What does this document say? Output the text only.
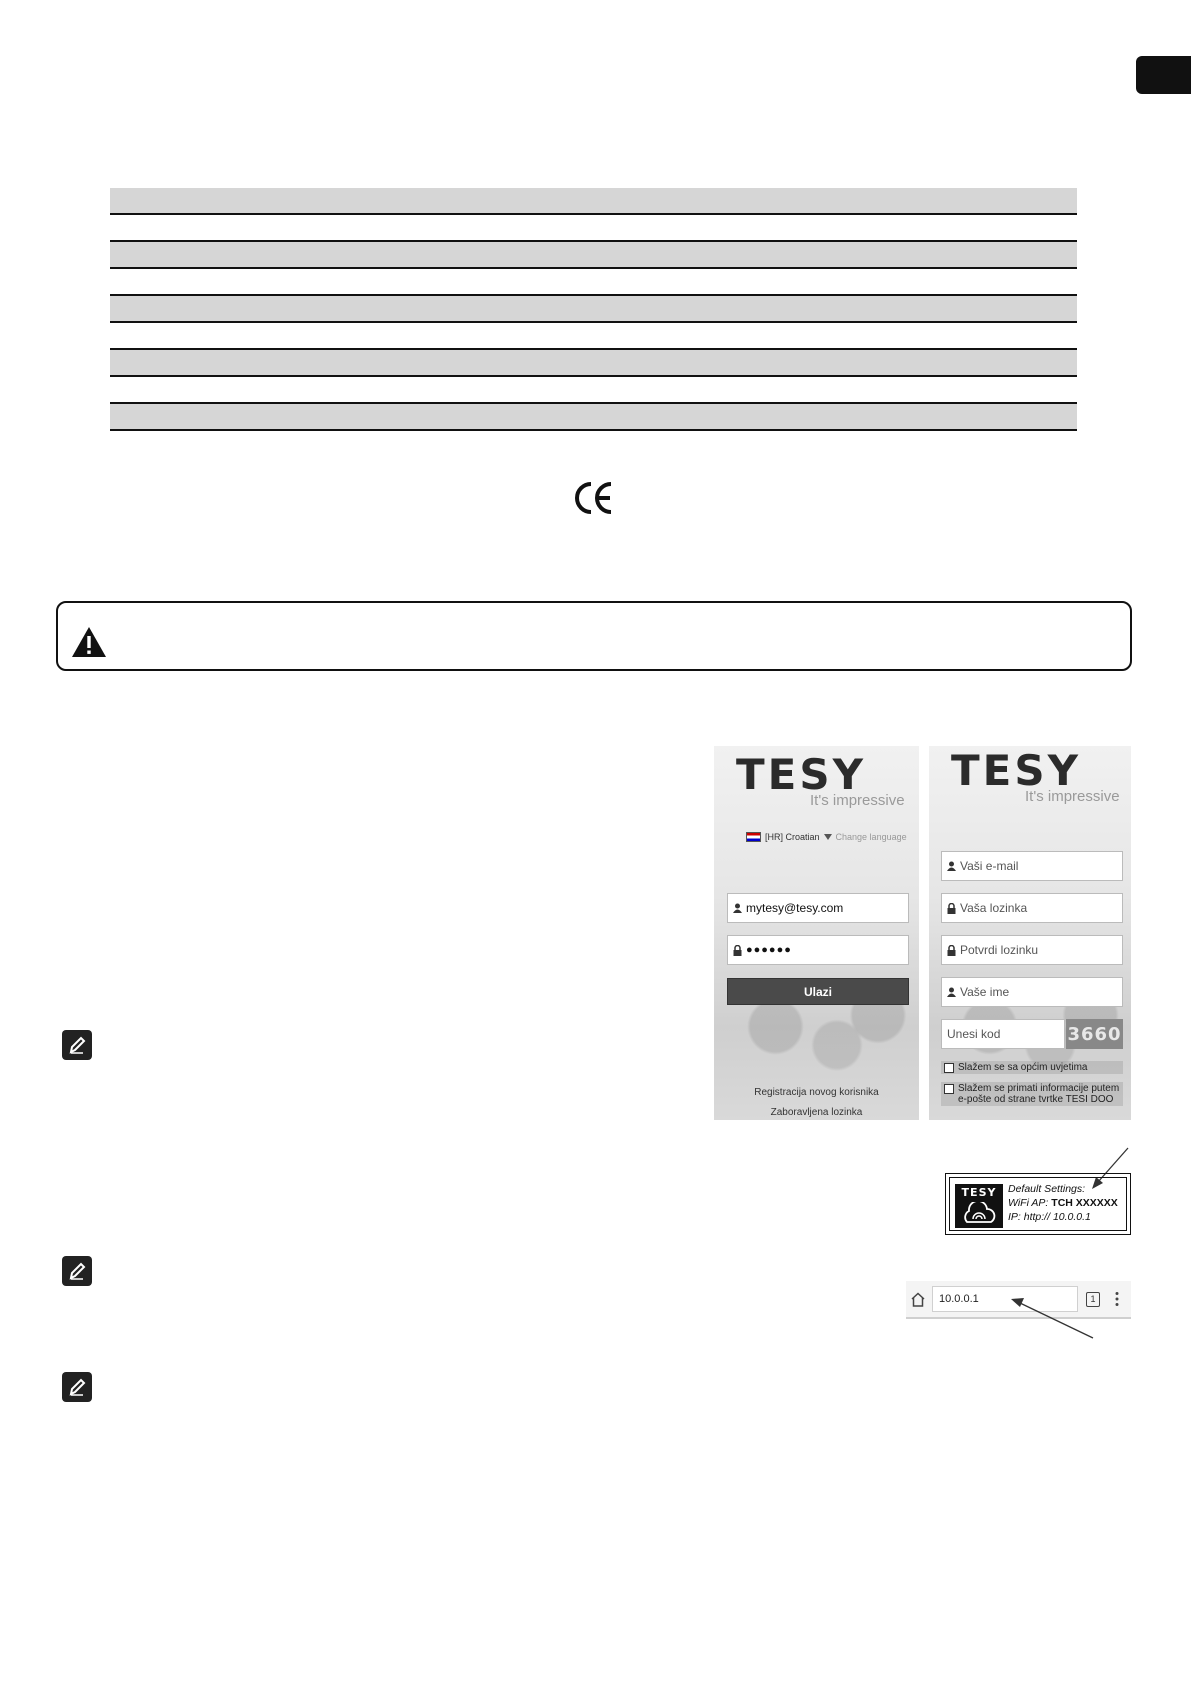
TESY
It's impressive
[HR] Croatian Change language
mytesy@tesy.com
●●●●●●
Ulazi
Registracija novog korisnika
Zaboravljena lozinka
TESY
It's impressive
Vaši e-mail
Vaša lozinka
Potvrdi lozinku
Vaše ime
Unesi kod	3660
Slažem se sa općim uvjetima
Slažem se primati informacije putem e-pošte od strane tvrtke TESI DOO
TESY	Default Settings:
WiFi AP: TCH XXXXXX
IP: http:// 10.0.0.1
10.0.0.1	1
